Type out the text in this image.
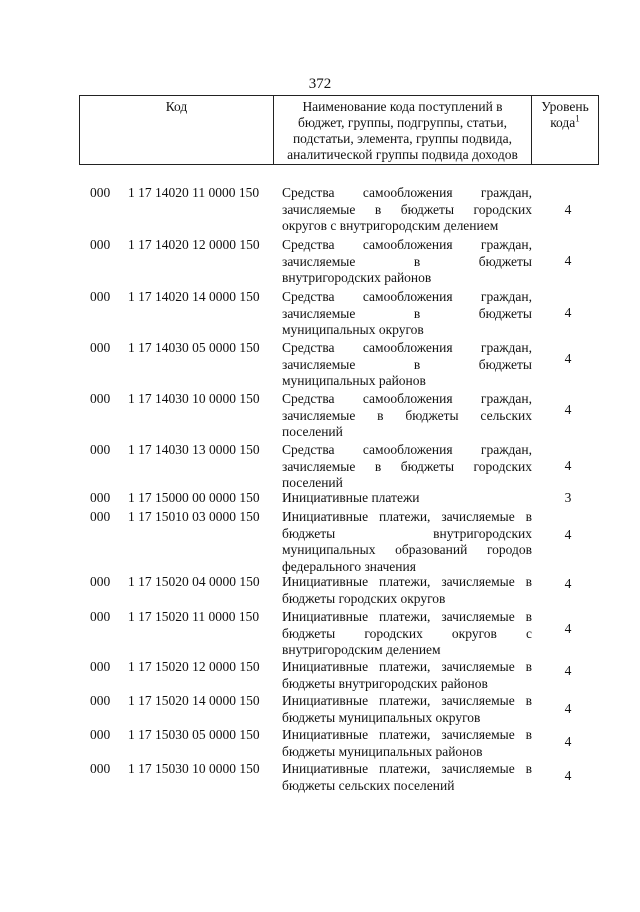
372
Код	Наименование кода поступлений в
бюджет, группы, подгруппы, статьи,
подстатьи, элемента, группы подвида,
аналитической группы подвида доходов
Уровень
кода$^1$
000 1 17 14020 11 0000 150 Средства самообложения граждан,
зачисляемые в бюджеты городских
округов с внутригородским делением
4
000 1 17 14020 12 0000 150 Средства самообложения граждан,
зачисляемые в бюджеты
внутригородских районов
4
000 1 17 14020 14 0000 150 Средства самообложения граждан,
зачисляемые в бюджеты
муниципальных округов
4
000 1 17 14030 05 0000 150 Средства самообложения граждан,
зачисляемые в бюджеты
муниципальных районов
4
000 1 17 14030 10 0000 150 Средства самообложения граждан,
зачисляемые в бюджеты сельских
поселений
4
000 1 17 14030 13 0000 150 Средства самообложения граждан,
зачисляемые в бюджеты городских
поселений
4
000 1 17 15000 00 0000 150 Инициативные платежи	3
000 1 17 15010 03 0000 150 Инициативные платежи, зачисляемые в
бюджеты внутригородских
муниципальных образований городов
федерального значения
4
000 1 17 15020 04 0000 150 Инициативные платежи, зачисляемые в
бюджеты городских округов
4
000 1 17 15020 11 0000 150 Инициативные платежи, зачисляемые в
бюджеты городских округов с
внутригородским делением
4
000 1 17 15020 12 0000 150 Инициативные платежи, зачисляемые в
бюджеты внутригородских районов
4
000 1 17 15020 14 0000 150 Инициативные платежи, зачисляемые в
бюджеты муниципальных округов
4
000 1 17 15030 05 0000 150 Инициативные платежи, зачисляемые в
бюджеты муниципальных районов
4
000 1 17 15030 10 0000 150 Инициативные платежи, зачисляемые в
бюджеты сельских поселений
4
